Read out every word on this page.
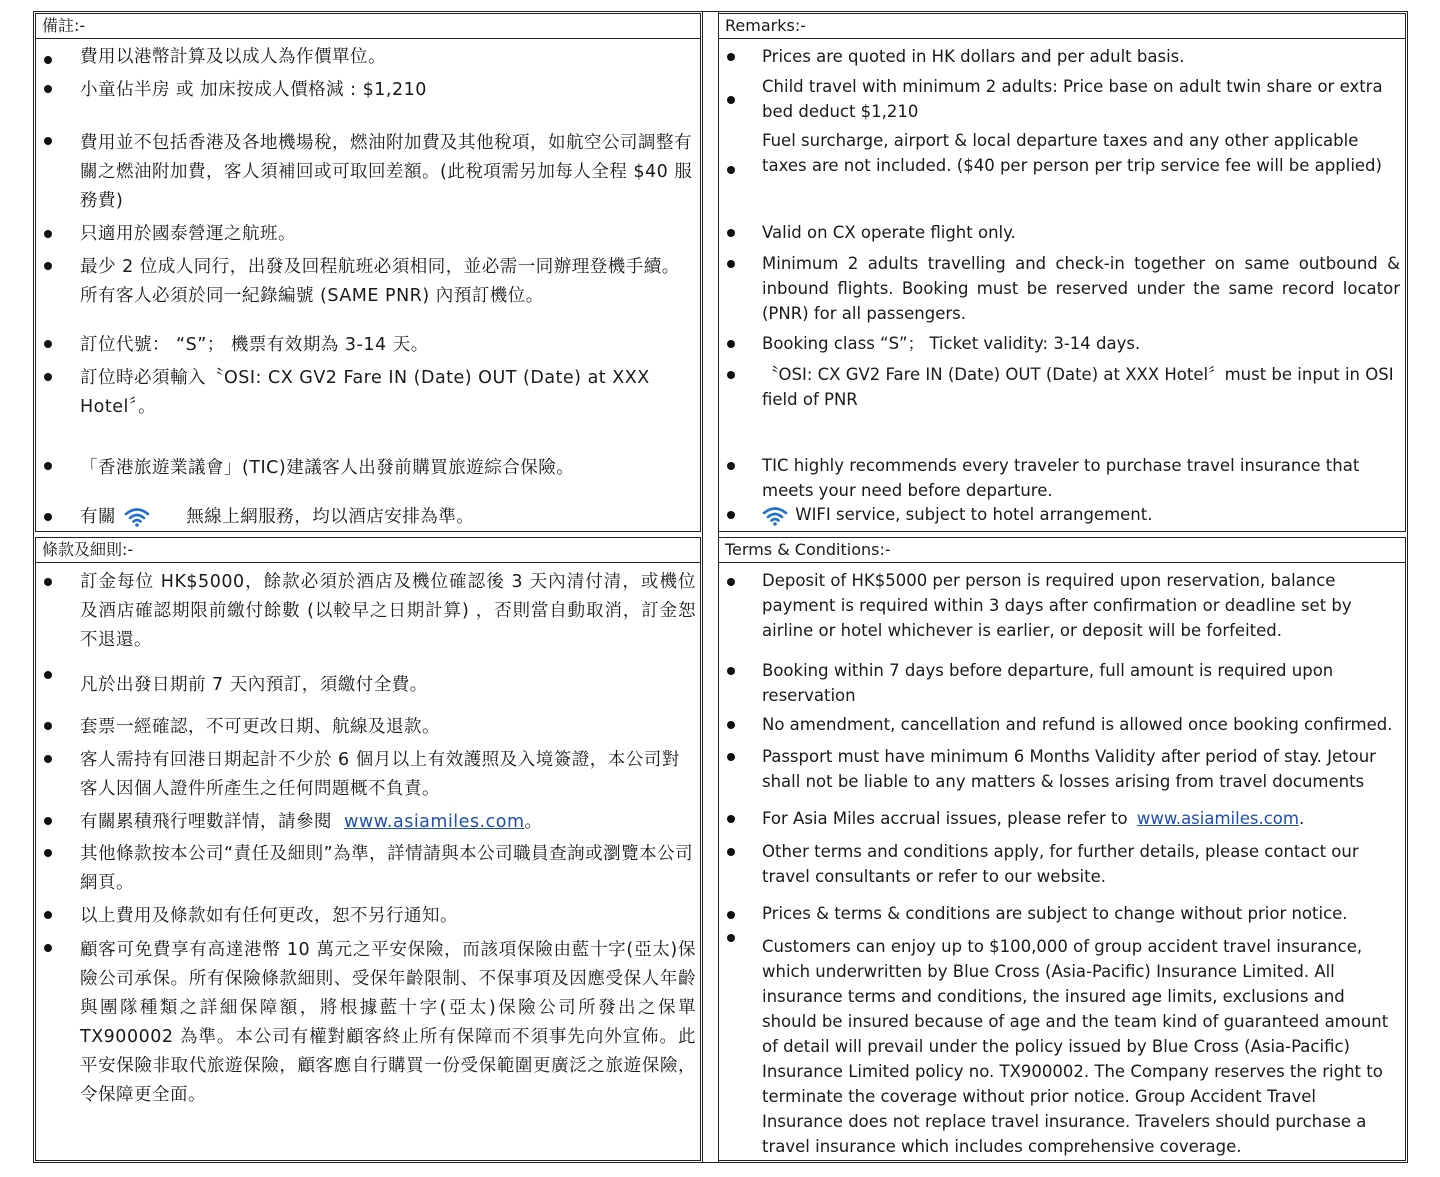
備註:-
費用以港幣計算及以成人為作價單位。
小童佔半房 或 加床按成人價格減 : $1,210
費用並不包括香港及各地機場稅，燃油附加費及其他稅項，如航空公司調整有關之燃油附加費，客人須補回或可取回差額。(此稅項需另加每人全程 $40 服務費)
只適用於國泰營運之航班。
最少 2 位成人同行，出發及回程航班必須相同，並必需一同辦理登機手續。所有客人必須於同一紀錄編號 (SAME PNR) 內預訂機位。
訂位代號： “S”； 機票有效期為 3-14 天。
訂位時必須輸入〝OSI: CX GV2 Fare IN (Date) OUT (Date) at XXX Hotel〞。
「香港旅遊業議會」(TIC)建議客人出發前購買旅遊綜合保險。
有關	無線上網服務，均以酒店安排為準。
Remarks:-
Prices are quoted in HK dollars and per adult basis.
Child travel with minimum 2 adults: Price base on adult twin share or extra bed deduct $1,210
Fuel surcharge, airport & local departure taxes and any other applicable taxes are not included. ($40 per person per trip service fee will be applied)
Valid on CX operate flight only.
Minimum 2 adults travelling and check-in together on same outbound & inbound flights. Booking must be reserved under the same record locator (PNR) for all passengers.
Booking class “S”； Ticket validity: 3-14 days.
〝OSI: CX GV2 Fare IN (Date) OUT (Date) at XXX Hotel〞must be input in OSI field of PNR
TIC highly recommends every traveler to purchase travel insurance that meets your need before departure.
WIFI service, subject to hotel arrangement.
條款及細則:-
訂金每位 HK$5000，餘款必須於酒店及機位確認後 3 天內清付清，或機位及酒店確認期限前繳付餘數 (以較早之日期計算) ，否則當自動取消，訂金恕不退還。
凡於出發日期前 7 天內預訂，須繳付全費。
套票一經確認，不可更改日期、航線及退款。
客人需持有回港日期起計不少於 6 個月以上有效護照及入境簽證，本公司對客人因個人證件所產生之任何問題概不負責。
有關累積飛行哩數詳情，請參閱 www.asiamiles.com。
其他條款按本公司“責任及細則”為準，詳情請與本公司職員查詢或瀏覽本公司網頁。
以上費用及條款如有任何更改，恕不另行通知。
顧客可免費享有高達港幣 10 萬元之平安保險，而該項保險由藍十字(亞太)保險公司承保。所有保險條款細則、受保年齡限制、不保事項及因應受保人年齡與團隊種類之詳細保障額，將根據藍十字(亞太)保險公司所發出之保單 TX900002 為準。本公司有權對顧客終止所有保障而不須事先向外宣佈。此平安保險非取代旅遊保險，顧客應自行購買一份受保範圍更廣泛之旅遊保險，令保障更全面。
Terms & Conditions:-
Deposit of HK$5000 per person is required upon reservation, balance payment is required within 3 days after confirmation or deadline set by airline or hotel whichever is earlier, or deposit will be forfeited.
Booking within 7 days before departure, full amount is required upon reservation
No amendment, cancellation and refund is allowed once booking confirmed.
Passport must have minimum 6 Months Validity after period of stay. Jetour shall not be liable to any matters & losses arising from travel documents
For Asia Miles accrual issues, please refer to www.asiamiles.com.
Other terms and conditions apply, for further details, please contact our travel consultants or refer to our website.
Prices & terms & conditions are subject to change without prior notice.
Customers can enjoy up to $100,000 of group accident travel insurance, which underwritten by Blue Cross (Asia-Pacific) Insurance Limited. All insurance terms and conditions, the insured age limits, exclusions and should be insured because of age and the team kind of guaranteed amount of detail will prevail under the policy issued by Blue Cross (Asia-Pacific) Insurance Limited policy no. TX900002. The Company reserves the right to terminate the coverage without prior notice. Group Accident Travel Insurance does not replace travel insurance. Travelers should purchase a travel insurance which includes comprehensive coverage.
